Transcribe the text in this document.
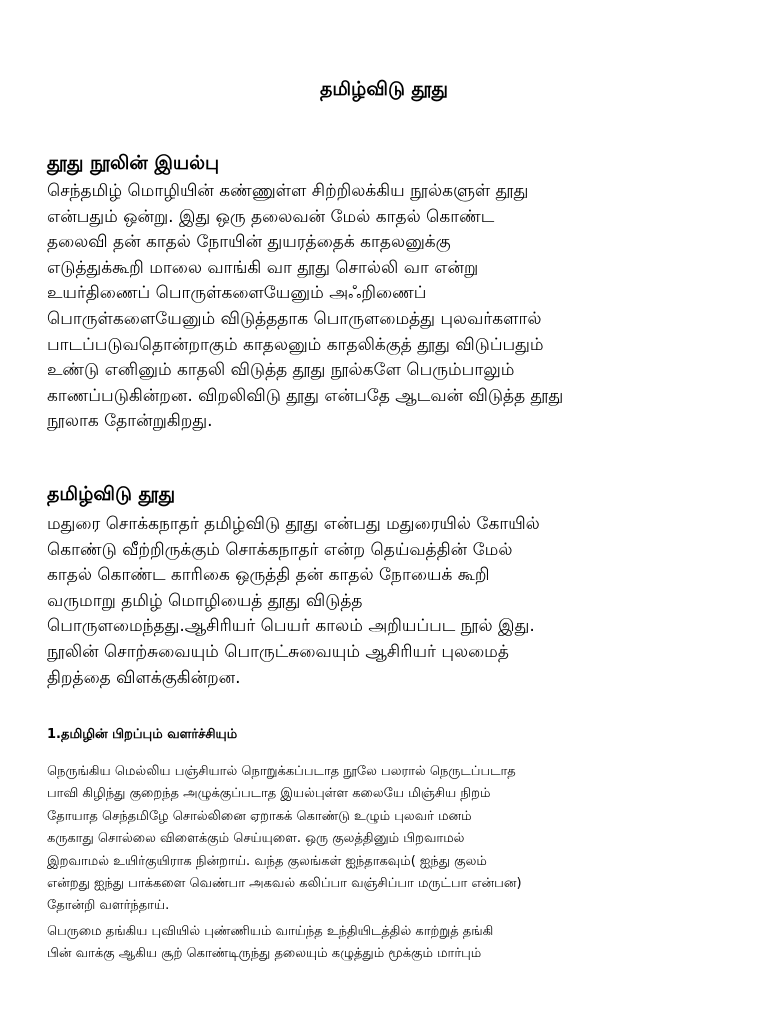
தமிழ்விடு தூது
தூது நூலின் இயல்பு

செந்தமிழ் மொழியின் கண்ணுள்ள சிற்றிலக்கிய நூல்களுள் தூது
என்பதும் ஒன்று. இது ஒரு தலைவன் மேல் காதல் கொண்ட
தலைவி தன் காதல் நோயின் துயரத்தைக் காதலனுக்கு
எடுத்துக்கூறி மாலை வாங்கி வா தூது சொல்லி வா என்று
உயர்திணைப் பொருள்களையேனும் அஃறிணைப்
பொருள்களையேனும் விடுத்ததாக பொருளமைத்து புலவர்களால்
பாடப்படுவதொன்றாகும் காதலனும் காதலிக்குத் தூது விடுப்பதும்
உண்டு எனினும் காதலி விடுத்த தூது நூல்களே பெரும்பாலும்
காணப்படுகின்றன. விறலிவிடு தூது என்பதே ஆடவன் விடுத்த தூது
நூலாக தோன்றுகிறது.

தமிழ்விடு தூது

மதுரை சொக்கநாதர் தமிழ்விடு தூது என்பது மதுரையில் கோயில்
கொண்டு வீற்றிருக்கும் சொக்கநாதர் என்ற தெய்வத்தின் மேல்
காதல் கொண்ட காரிகை ஒருத்தி தன் காதல் நோயைக் கூறி
வருமாறு தமிழ் மொழியைத் தூது விடுத்த
பொருளமைந்தது.ஆசிரியர் பெயர் காலம் அறியப்பட நூல் இது.
நூலின் சொற்சுவையும் பொருட்சுவையும் ஆசிரியர் புலமைத்
திறத்தை விளக்குகின்றன.

1.தமிழின் பிறப்பும் வளர்ச்சியும்

நெருங்கிய மெல்லிய பஞ்சியால் நொறுக்கப்படாத நூலே பலரால் நெருடப்படாத
பாவி கிழிந்து குறைந்த அழுக்குப்படாத இயல்புள்ள கலையே மிஞ்சிய நிறம்
தோயாத செந்தமிழே சொல்லினை ஏறாகக் கொண்டு உழும் புலவர் மனம்
கருகாது சொல்லை விளைக்கும் செய்யுளை. ஒரு குலத்தினும் பிறவாமல்
இறவாமல் உயிர்குயிராக நின்றாய். வந்த குலங்கள் ஐந்தாகவும்( ஐந்து குலம்
என்றது ஐந்து பாக்களை வெண்பா அகவல் கலிப்பா வஞ்சிப்பா மருட்பா என்பன)
தோன்றி வளர்ந்தாய்.

பெருமை தங்கிய புவியில் புண்ணியம் வாய்ந்த உந்தியிடத்தில் காற்றுத் தங்கி
பின் வாக்கு ஆகிய சூற் கொண்டிருந்து தலையும் கழுத்தும் மூக்கும் மார்பும்
